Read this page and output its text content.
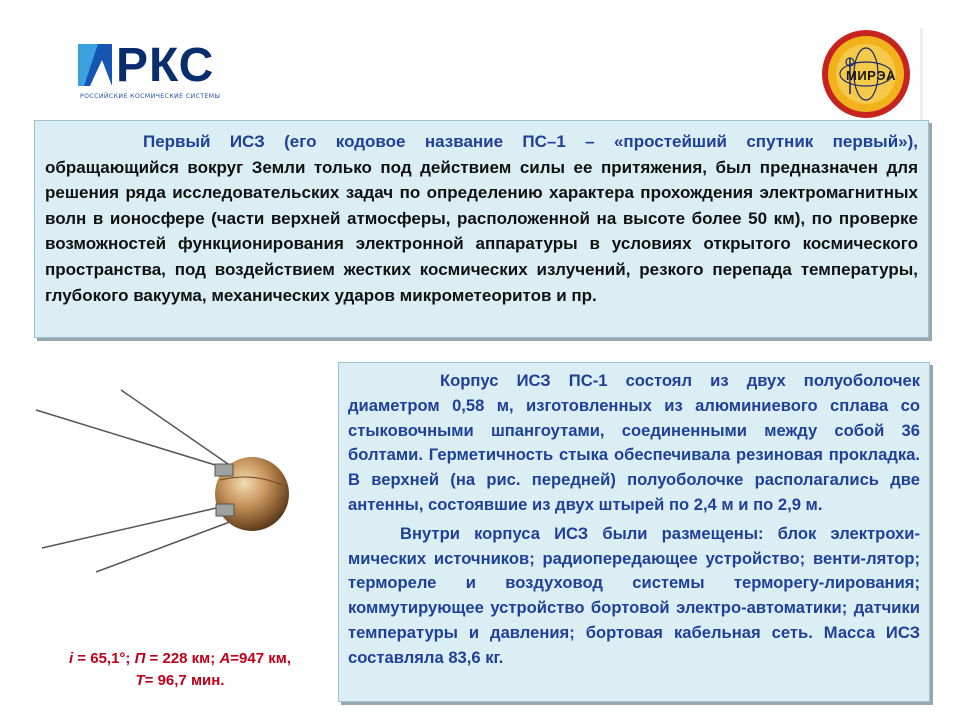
РКС
РОССИЙСКИЕ КОСМИЧЕСКИЕ СИСТЕМЫ
МИРЭА

Первый ИСЗ (его кодовое название ПС–1 – «простейший спутник первый»), обращающийся вокруг Земли только под действием силы ее притяжения, был предназначен для решения ряда исследовательских задач по определению характера прохождения электромагнитных волн в ионосфере (части верхней атмосферы, расположенной на высоте более 50 км), по проверке возможностей функционирования электронной аппаратуры в условиях открытого космического пространства, под воздействием жестких космических излучений, резкого перепада температуры, глубокого вакуума, механических ударов микрометеоритов и пр.

i = 65,1°; П = 228 км; А=947 км,
Т= 96,7 мин.

Корпус ИСЗ ПС-1 состоял из двух полуоболочек диаметром 0,58 м, изготовленных из алюминиевого сплава со стыковочными шпангоутами, соединенными между собой 36 болтами. Герметичность стыка обеспечивала резиновая прокладка. В верхней (на рис. передней) полуоболочке располагались две антенны, состоявшие из двух штырей по 2,4 м и по 2,9 м.

Внутри корпуса ИСЗ были размещены: блок электрохи-мических источников; радиопередающее устройство; венти-лятор; термореле и воздуховод системы терморегу-лирования; коммутирующее устройство бортовой электро-автоматики; датчики температуры и давления; бортовая кабельная сеть. Масса ИСЗ составляла 83,6 кг.
